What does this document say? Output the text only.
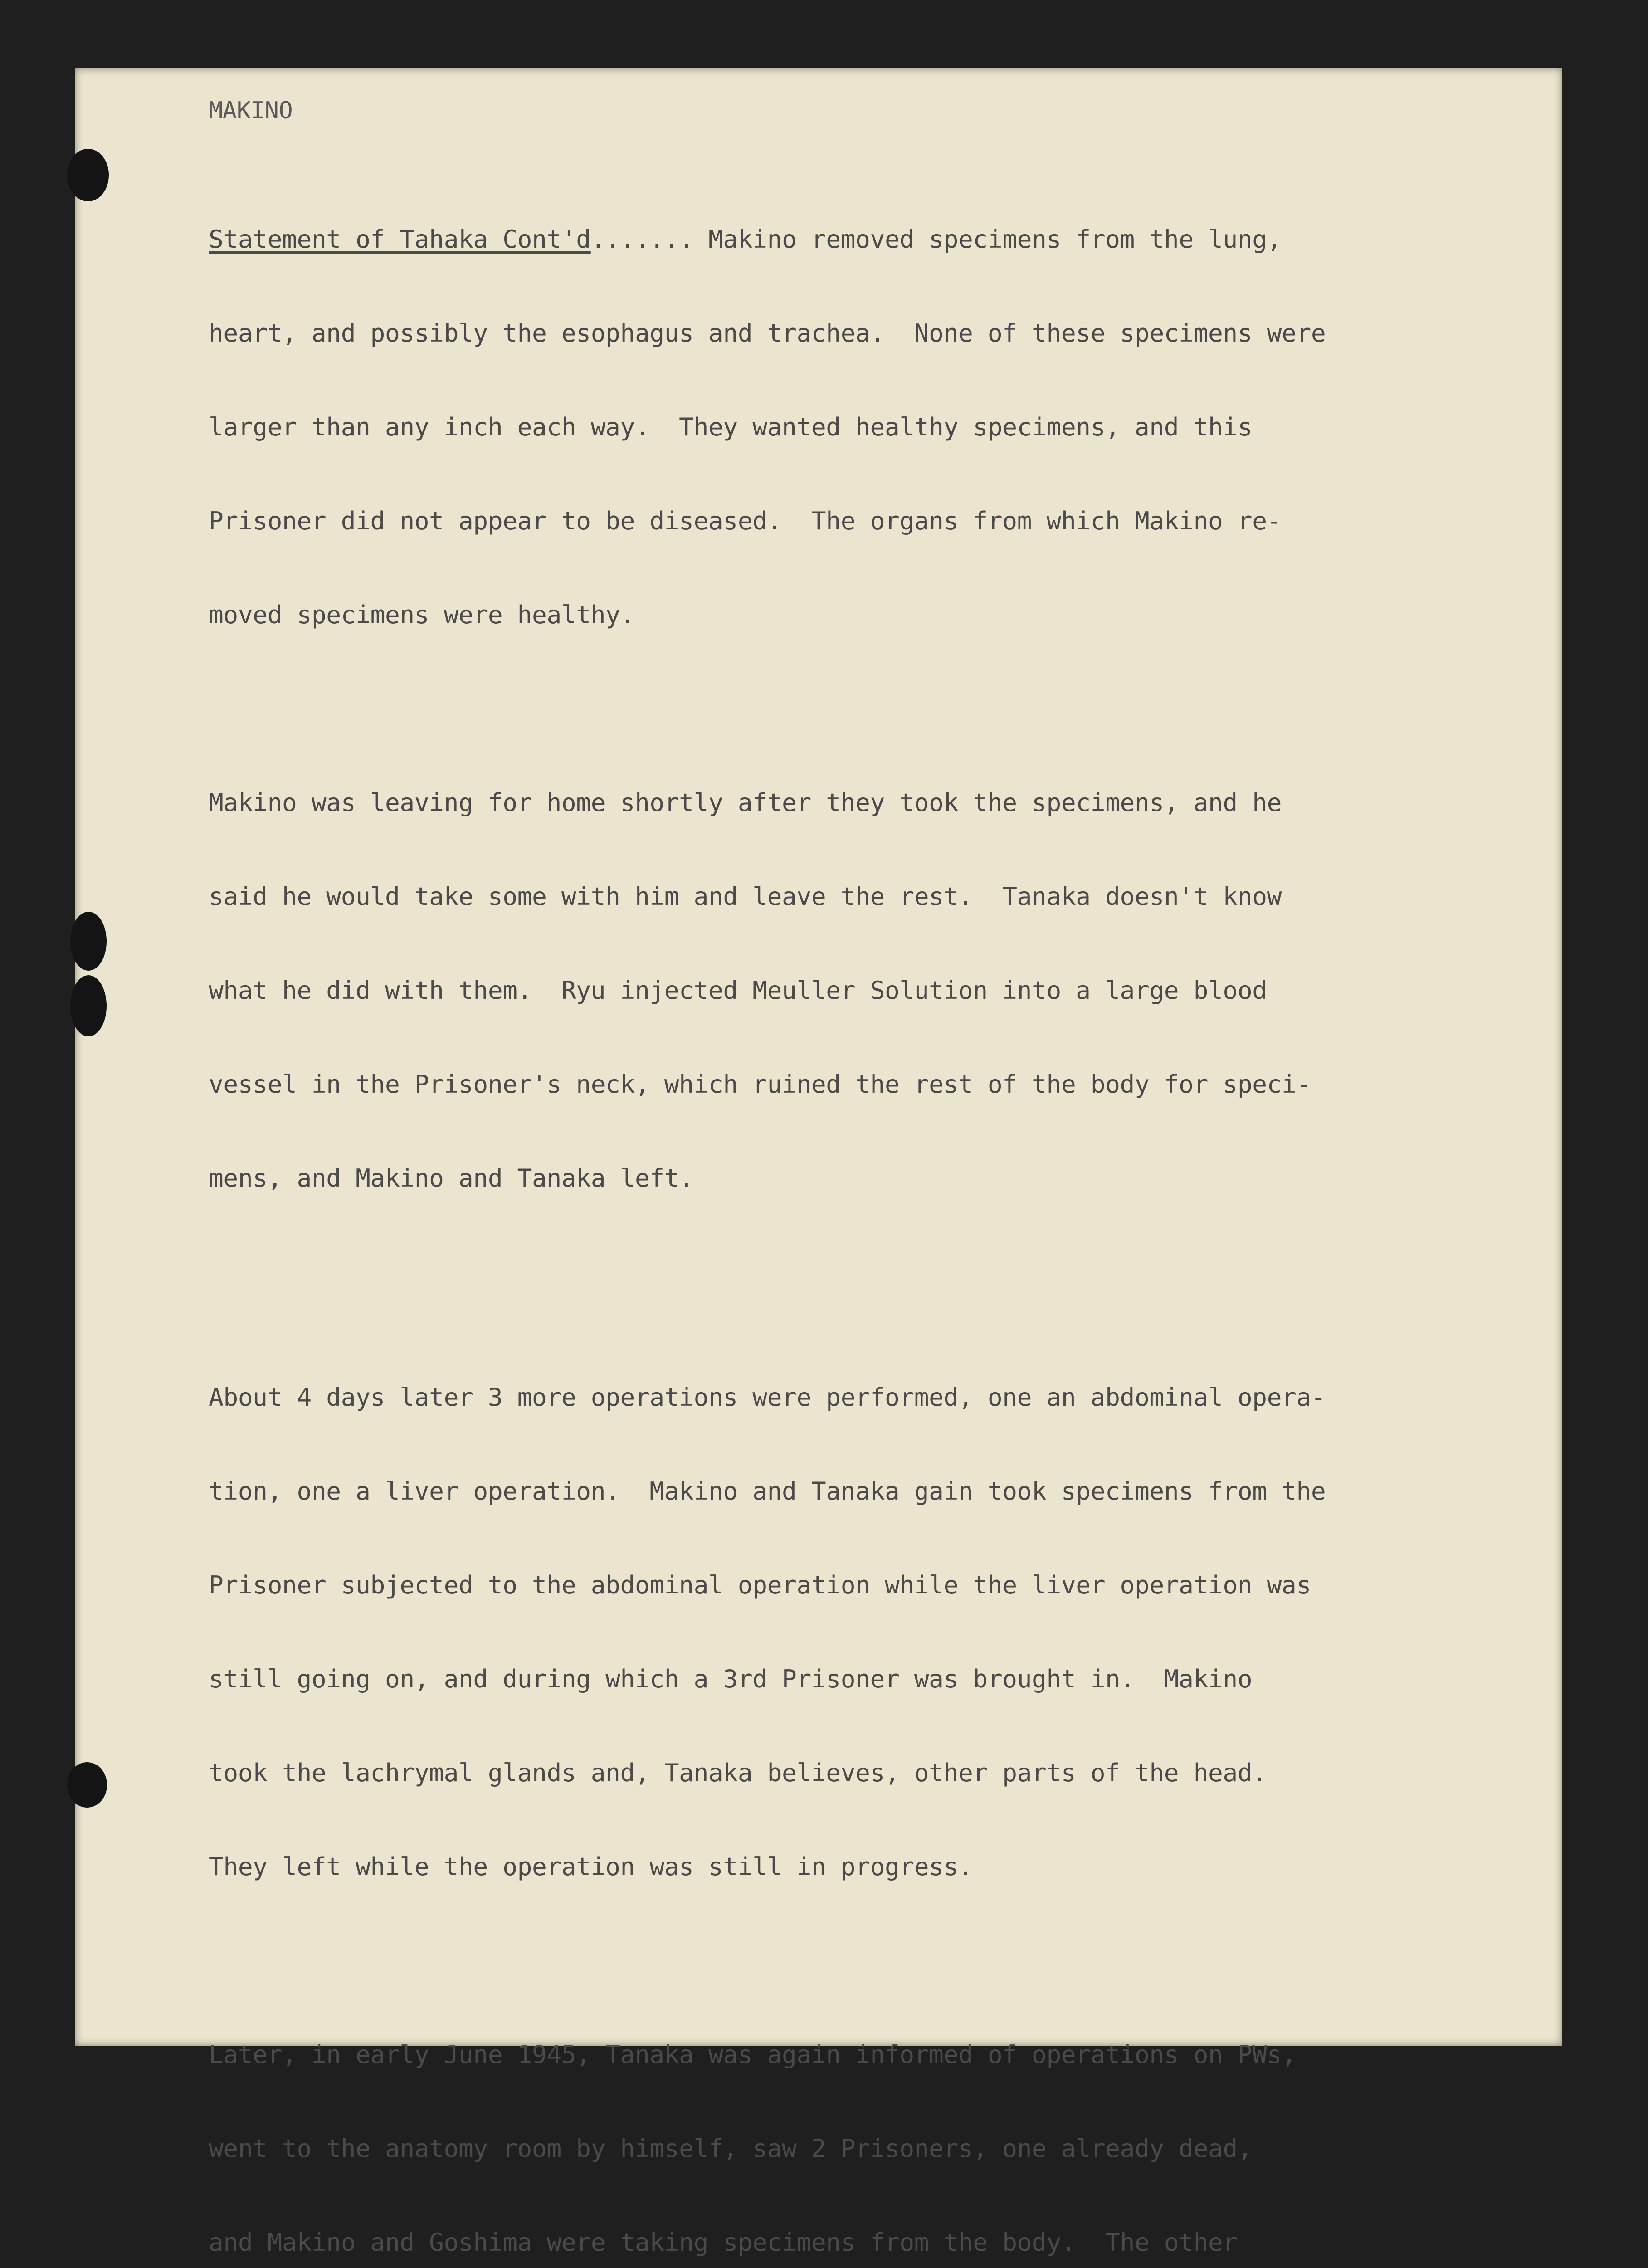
MAKINO

Statement of Tahaka Cont'd....... Makino removed specimens from the lung,

heart, and possibly the esophagus and trachea.  None of these specimens were

larger than any inch each way.  They wanted healthy specimens, and this

Prisoner did not appear to be diseased.  The organs from which Makino re-

moved specimens were healthy.

Makino was leaving for home shortly after they took the specimens, and he

said he would take some with him and leave the rest.  Tanaka doesn't know

what he did with them.  Ryu injected Meuller Solution into a large blood

vessel in the Prisoner's neck, which ruined the rest of the body for speci-

mens, and Makino and Tanaka left.

About 4 days later 3 more operations were performed, one an abdominal opera-

tion, one a liver operation.  Makino and Tanaka gain took specimens from the

Prisoner subjected to the abdominal operation while the liver operation was

still going on, and during which a 3rd Prisoner was brought in.  Makino

took the lachrymal glands and, Tanaka believes, other parts of the head.

They left while the operation was still in progress.

Later, in early June 1945, Tanaka was again informed of operations on PWs,

went to the anatomy room by himself, saw 2 Prisoners, one already dead,

and Makino and Goshima were taking specimens from the body.  The other
